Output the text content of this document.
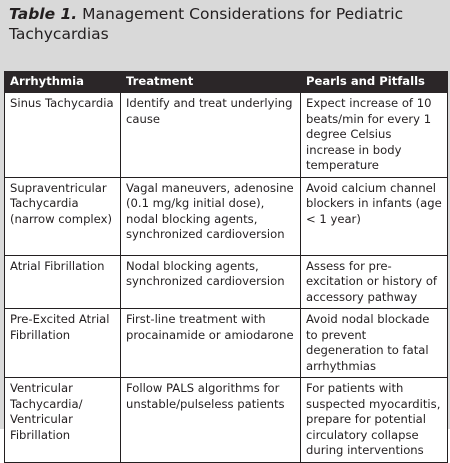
Table 1. Management Considerations for Pediatric Tachycardias
Arrhythmia	Treatment	Pearls and Pitfalls
Sinus Tachycardia	Identify and treat underlying cause	Expect increase of 10 beats/min for every 1 degree Celsius increase in body temperature
Supraventricular Tachycardia (narrow complex)	Vagal maneuvers, adenosine (0.1 mg/kg initial dose), nodal blocking agents, synchronized cardioversion	Avoid calcium channel blockers in infants (age < 1 year)
Atrial Fibrillation	Nodal blocking agents, synchronized cardioversion	Assess for pre-excitation or history of accessory pathway
Pre-Excited Atrial Fibrillation	First-line treatment with procainamide or amiodarone	Avoid nodal blockade to prevent degeneration to fatal arrhythmias
Ventricular Tachycardia/ Ventricular Fibrillation	Follow PALS algorithms for unstable/pulseless patients	For patients with suspected myocarditis, prepare for potential circulatory collapse during interventions
